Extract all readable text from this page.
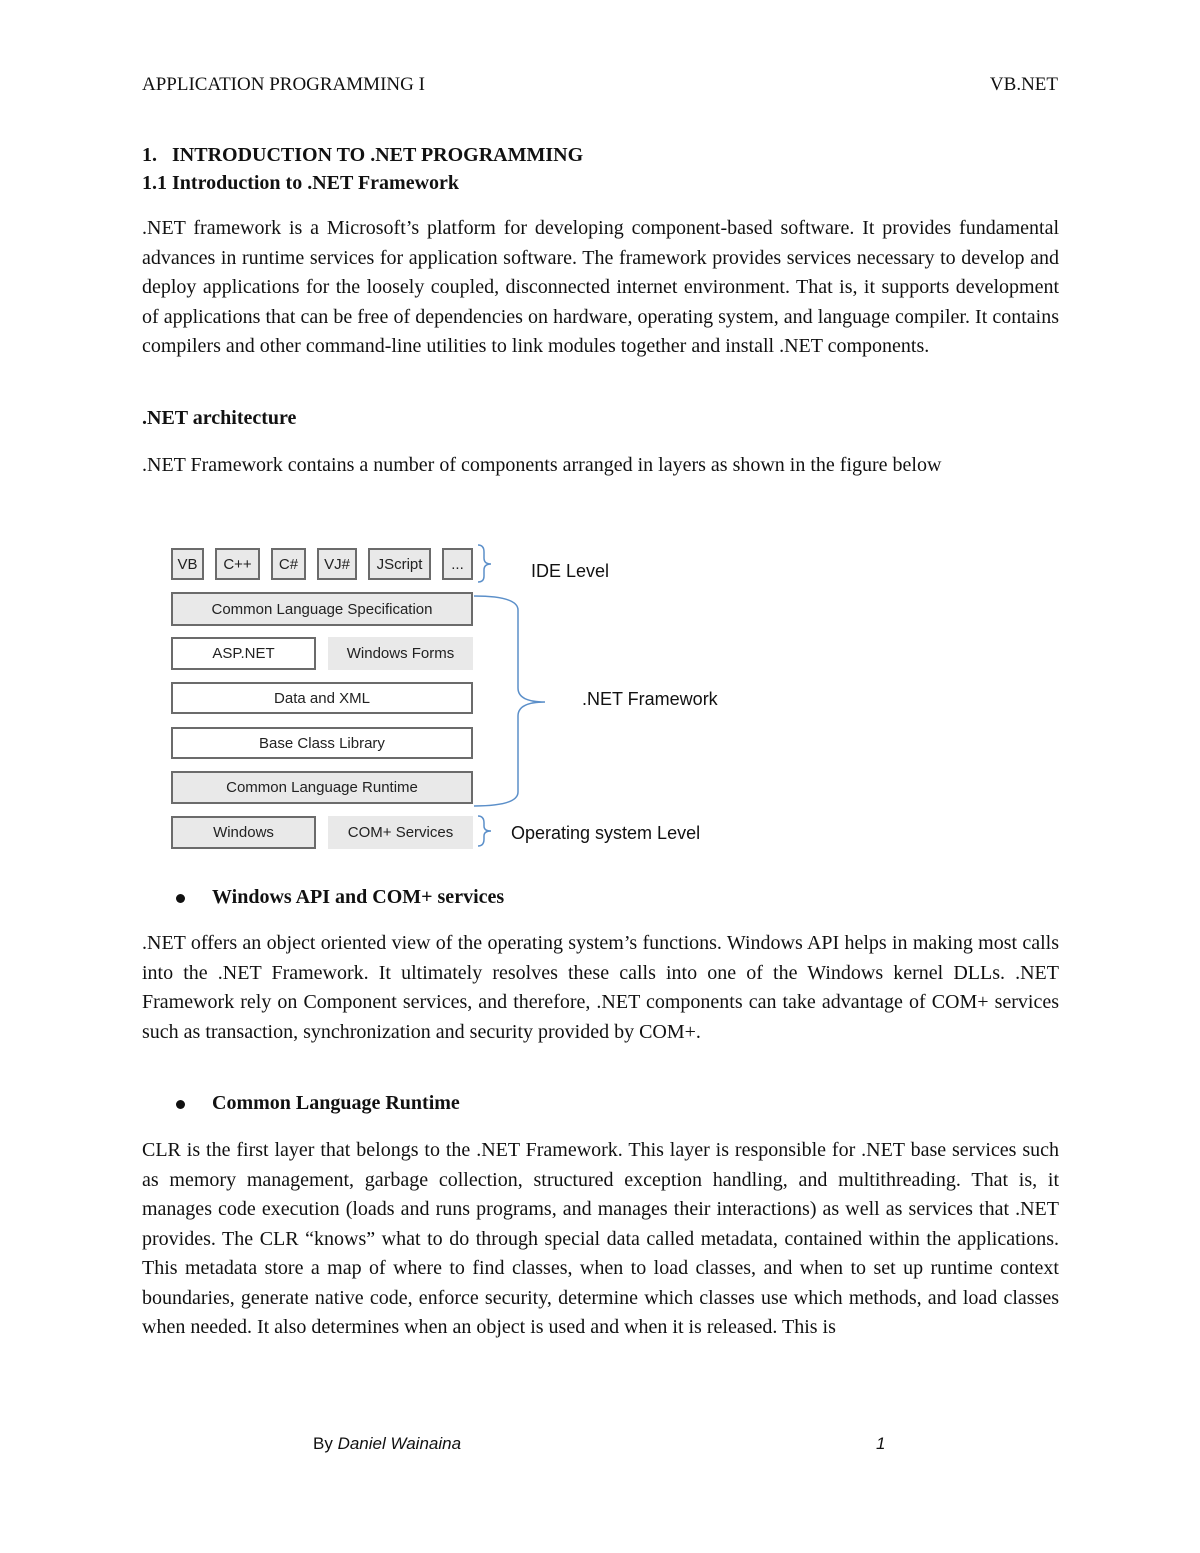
APPLICATION PROGRAMMING I	VB.NET
1.   INTRODUCTION TO .NET PROGRAMMING
1.1 Introduction to .NET Framework
.NET framework is a Microsoft’s platform for developing component-based software. It provides fundamental advances in runtime services for application software. The framework provides services necessary to develop and deploy applications for the loosely coupled, disconnected internet environment. That is, it supports development of applications that can be free of dependencies on hardware, operating system, and language compiler. It contains compilers and other command-line utilities to link modules together and install .NET components.
.NET architecture
.NET Framework contains a number of components arranged in layers as shown in the figure below
VB	C++	C#	VJ#	JScript	...
Common Language Specification
ASP.NET	Windows Forms
Data and XML
Base Class Library
Common Language Runtime
Windows	COM+ Services
IDE Level
.NET Framework
Operating system Level
Windows API and COM+ services
.NET offers an object oriented view of the operating system’s functions. Windows API helps in making most calls into the .NET Framework. It ultimately resolves these calls into one of the Windows kernel DLLs. .NET Framework rely on Component services, and therefore, .NET components can take advantage of COM+ services such as transaction, synchronization and security provided by COM+.
Common Language Runtime
CLR is the first layer that belongs to the .NET Framework. This layer is responsible for .NET base services such as memory management, garbage collection, structured exception handling, and multithreading. That is, it manages code execution (loads and runs programs, and manages their interactions) as well as services that .NET provides. The CLR “knows” what to do through special data called metadata, contained within the applications. This metadata store a map of where to find classes, when to load classes, and when to set up runtime context boundaries, generate native code, enforce security, determine which classes use which methods, and load classes when needed. It also determines when an object is used and when it is released. This is
By Daniel Wainaina	1
